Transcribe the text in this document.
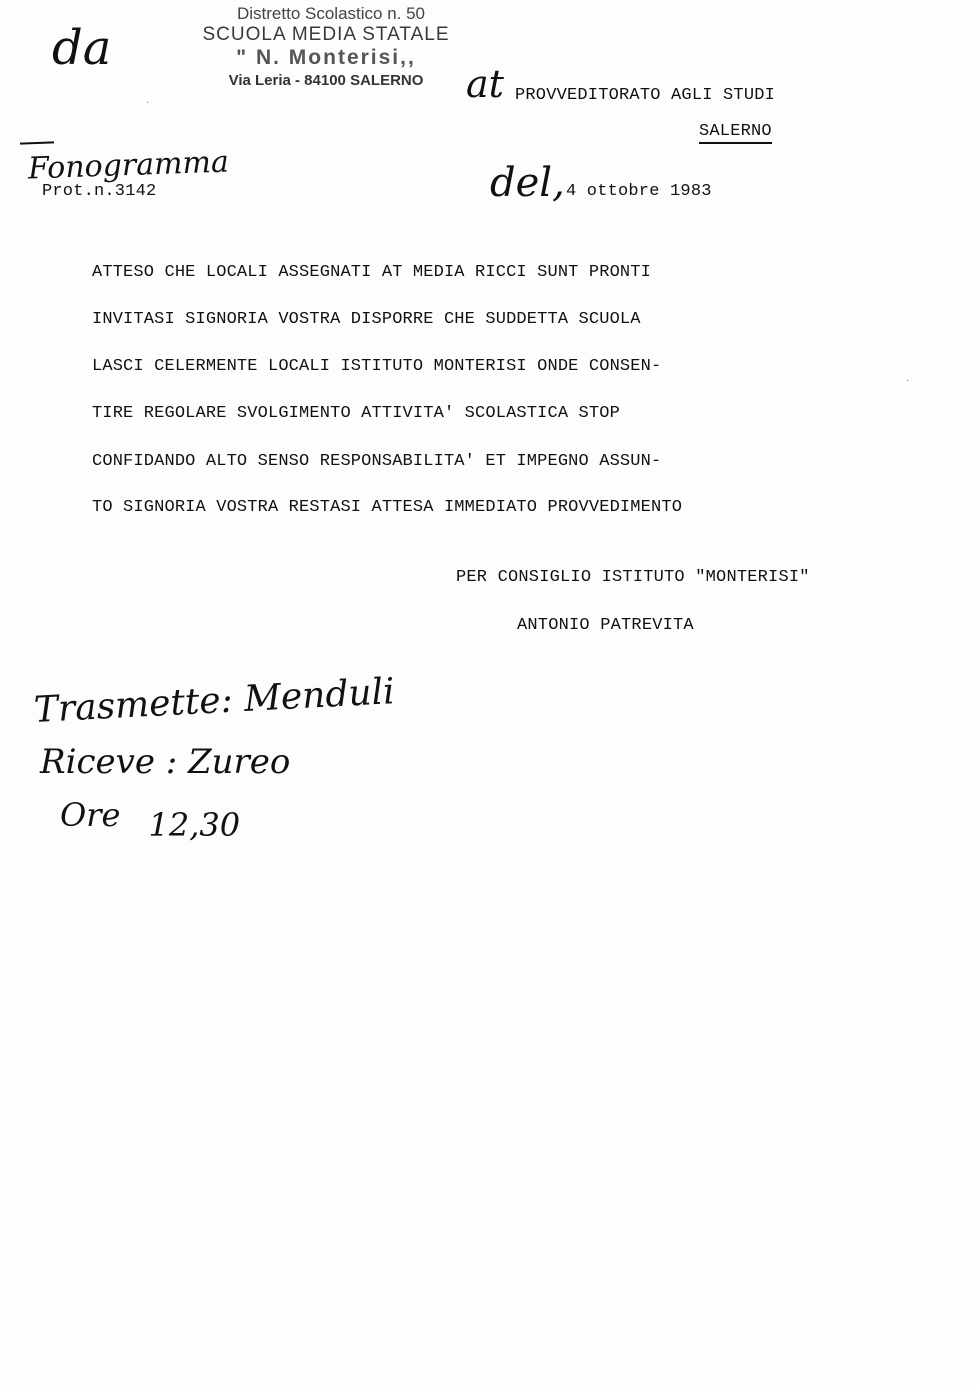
da
Distretto Scolastico n. 50
SCUOLA MEDIA STATALE
" N. Monterisi,,
Via Leria - 84100 SALERNO	at PROVVEDITORATO AGLI STUDI
SALERNO
Fonogramma
Prot.n.3142	del, 4 ottobre 1983
ATTESO CHE LOCALI ASSEGNATI AT MEDIA RICCI SUNT PRONTI
INVITASI SIGNORIA VOSTRA DISPORRE CHE SUDDETTA SCUOLA
LASCI CELERMENTE LOCALI ISTITUTO MONTERISI ONDE CONSEN-
TIRE REGOLARE SVOLGIMENTO ATTIVITA' SCOLASTICA STOP
CONFIDANDO ALTO SENSO RESPONSABILITA' ET IMPEGNO ASSUN-
TO SIGNORIA VOSTRA RESTASI ATTESA IMMEDIATO PROVVEDIMENTO
PER CONSIGLIO ISTITUTO "MONTERISI"
ANTONIO PATREVITA
Trasmette: Menduli
Riceve : Zureo
Ore 12,30
·
·
